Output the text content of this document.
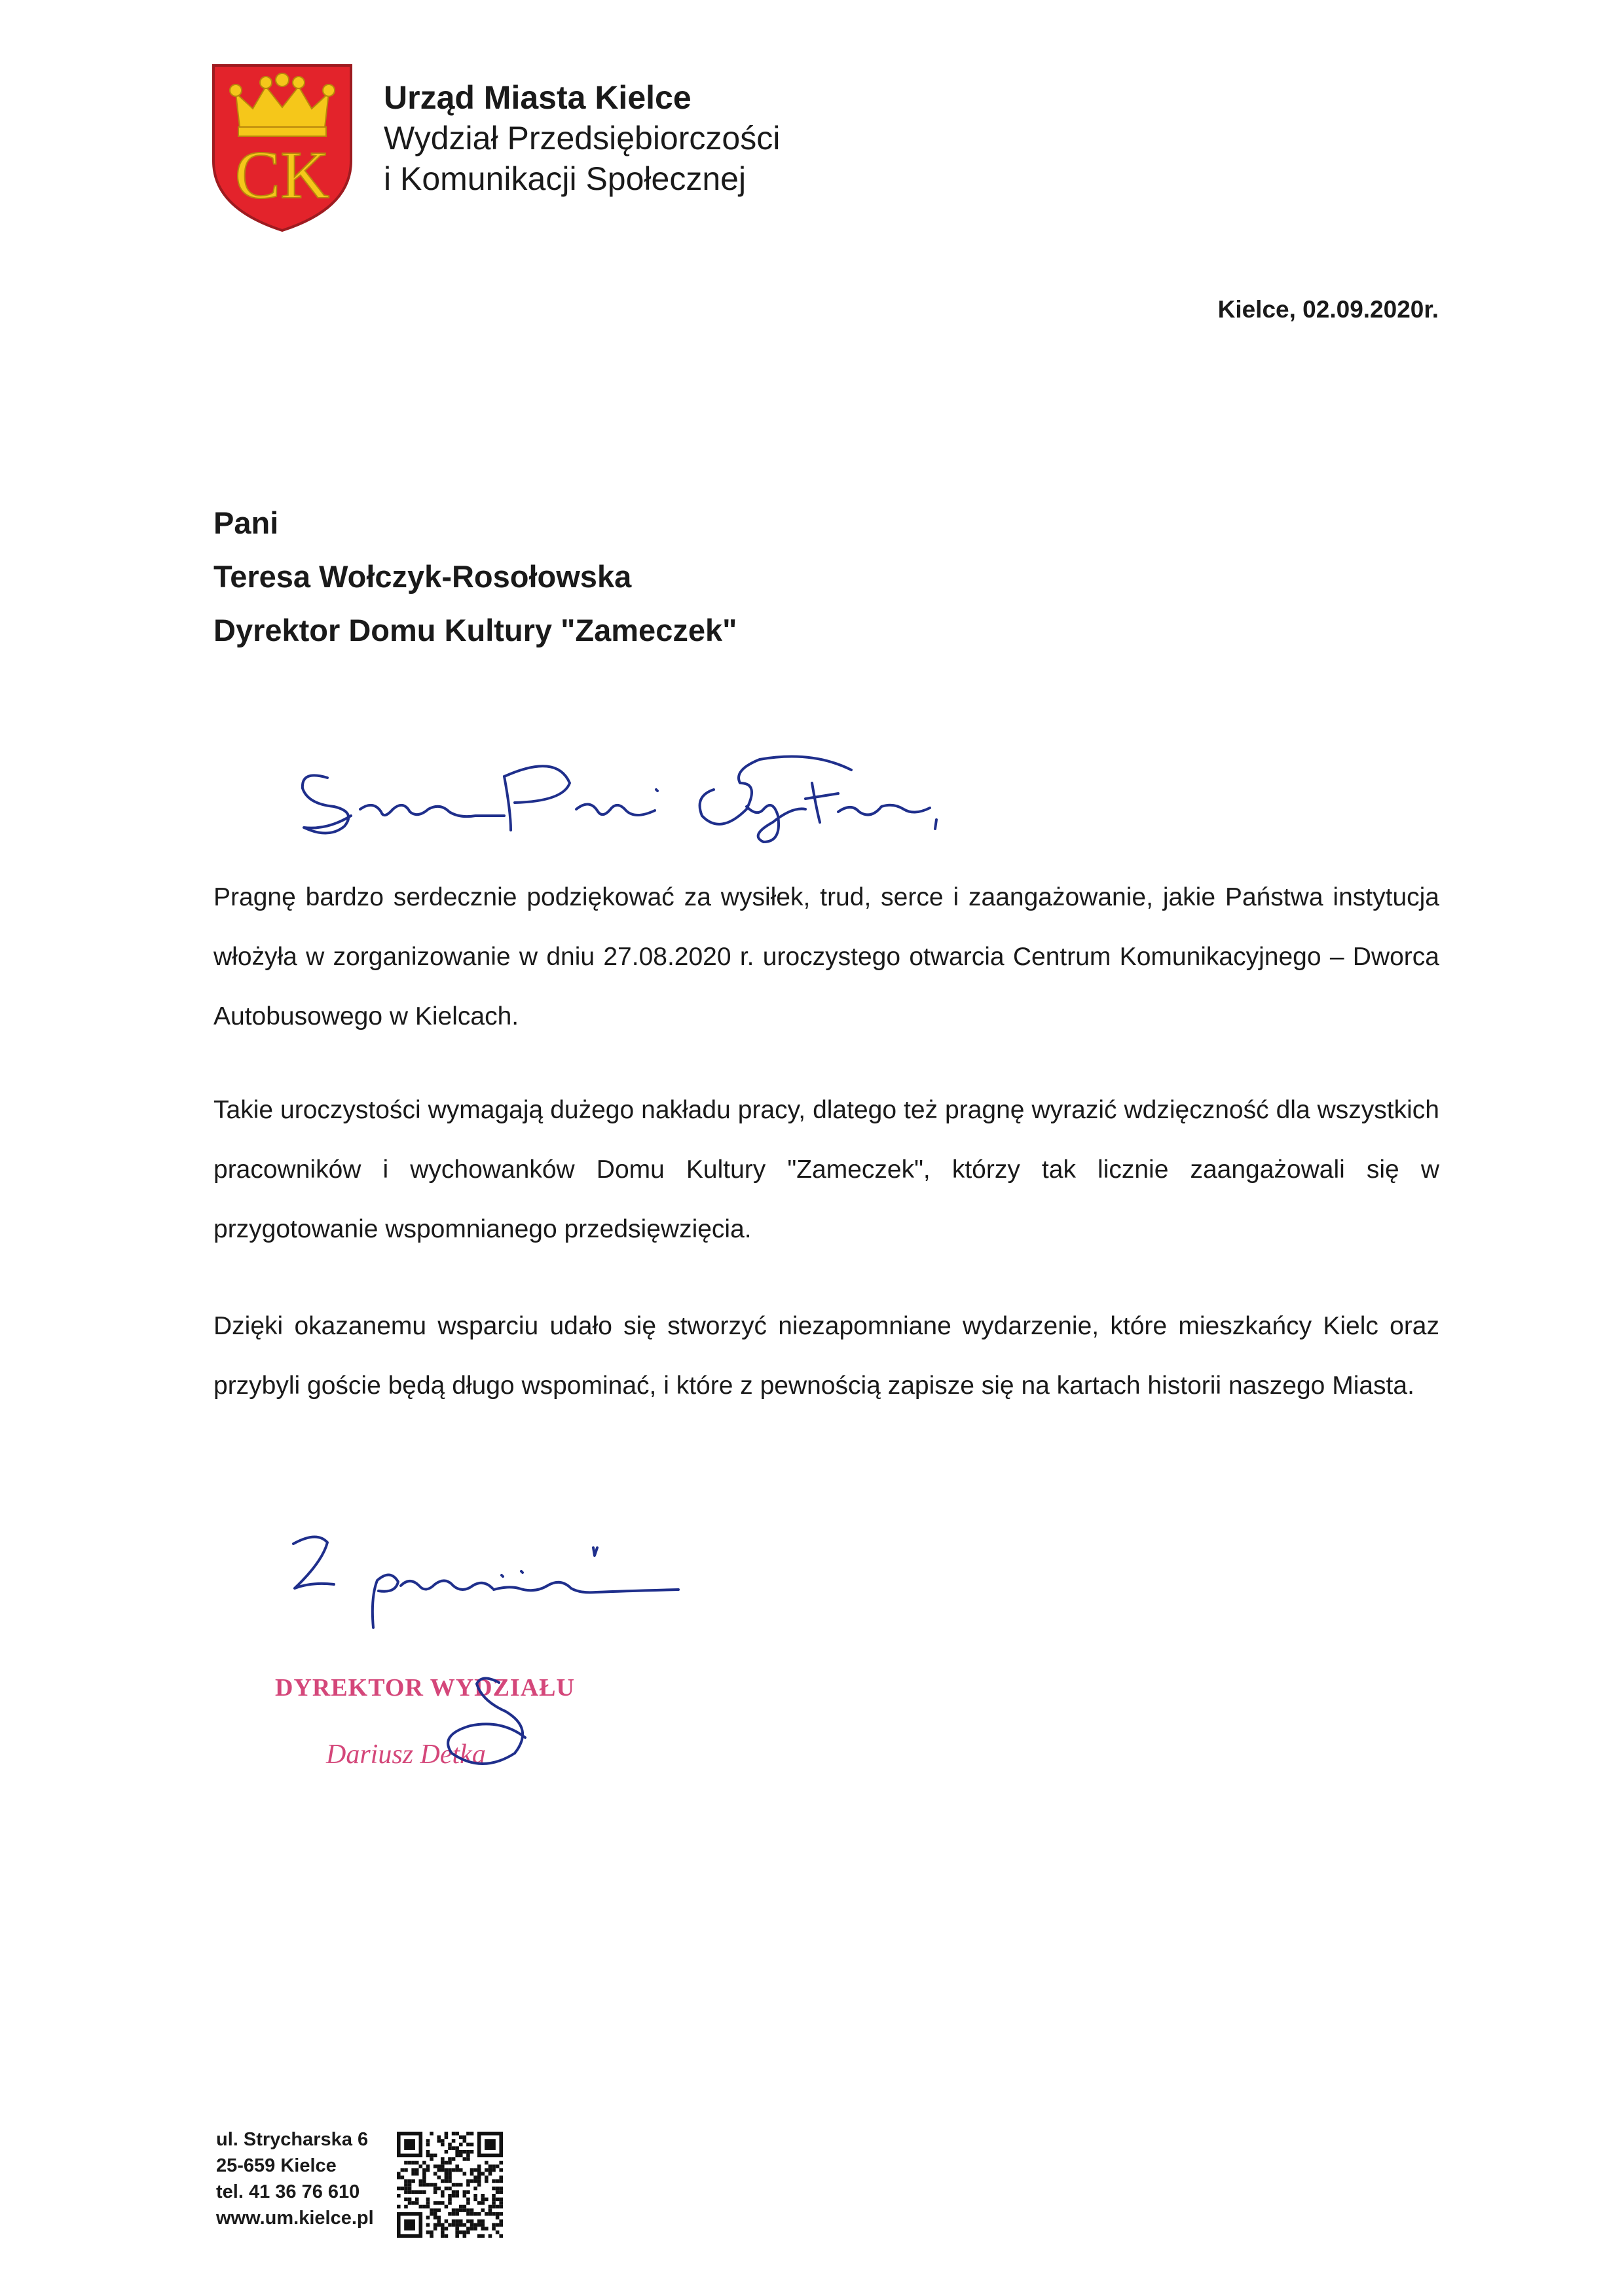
CK
Urząd Miasta Kielce
Wydział Przedsiębiorczości
i Komunikacji Społecznej
Kielce, 02.09.2020r.
Pani
Teresa Wołczyk-Rosołowska
Dyrektor Domu Kultury "Zameczek"
Pragnę bardzo serdecznie podziękować za wysiłek, trud, serce i zaangażowanie, jakie Państwa instytucja włożyła w zorganizowanie w dniu 27.08.2020 r. uroczystego otwarcia Centrum Komunikacyjnego – Dworca Autobusowego w Kielcach.
Takie uroczystości wymagają dużego nakładu pracy, dlatego też pragnę wyrazić wdzięczność dla wszystkich pracowników i wychowanków Domu Kultury "Zameczek", którzy tak licznie zaangażowali się w przygotowanie wspomnianego przedsięwzięcia.
Dzięki okazanemu wsparciu udało się stworzyć niezapomniane wydarzenie, które mieszkańcy Kielc oraz przybyli goście będą długo wspominać, i które z pewnością zapisze się na kartach historii naszego Miasta.
DYREKTOR WYDZIAŁU
Dariusz Detka
ul. Strycharska 6
25-659 Kielce
tel. 41 36 76 610
www.um.kielce.pl
